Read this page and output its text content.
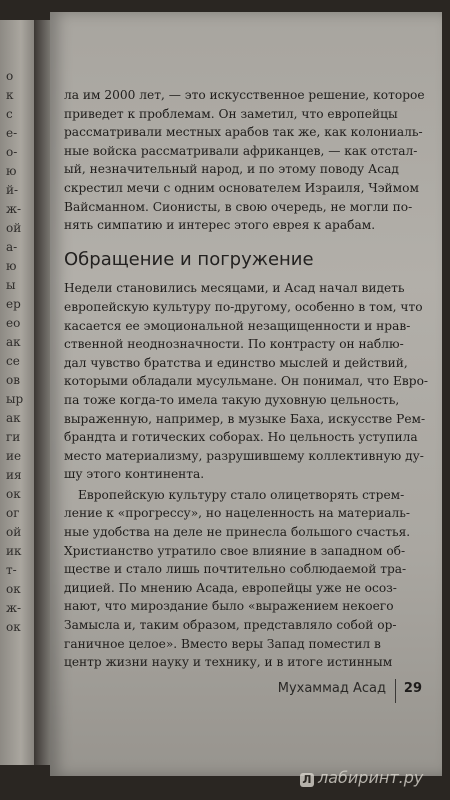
о
к
с
е-
о-
ю
й-
ж-
ой
а-
ю
ы
ер
ео
ак
се
ов
ыр
ак
ги
ие
ия
ок
ог
ой
ик
т-
ок
ж-
ок
ла им 2000 лет, — это искусственное решение, которое
приведет к проблемам. Он заметил, что европейцы
рассматривали местных арабов так же, как колониаль-
ные войска рассматривали африканцев, — как отстал-
ый, незначительный народ, и по этому поводу Асад
скрестил мечи с одним основателем Израиля, Чэймом
Вайсманном. Сионисты, в свою очередь, не могли по-
нять симпатию и интерес этого еврея к арабам.
Обращение и погружение
Недели становились месяцами, и Асад начал видеть
европейскую культуру по-другому, особенно в том, что
касается ее эмоциональной незащищенности и нрав-
ственной неоднозначности. По контрасту он наблю-
дал чувство братства и единство мыслей и действий,
которыми обладали мусульмане. Он понимал, что Евро-
па тоже когда-то имела такую духовную цельность,
выраженную, например, в музыке Баха, искусстве Рем-
брандта и готических соборах. Но цельность уступила
место материализму, разрушившему коллективную ду-
шу этого континента.
Европейскую культуру стало олицетворять стрем-
ление к «прогрессу», но нацеленность на материаль-
ные удобства на деле не принесла большого счастья.
Христианство утратило свое влияние в западном об-
ществе и стало лишь почтительно соблюдаемой тра-
дицией. По мнению Асада, европейцы уже не осоз-
нают, что мироздание было «выражением некоего
Замысла и, таким образом, представляло собой ор-
ганичное целое». Вместо веры Запад поместил в
центр жизни науку и технику, и в итоге истинным
Мухаммад Асад 29
Л лабиринт.ру
